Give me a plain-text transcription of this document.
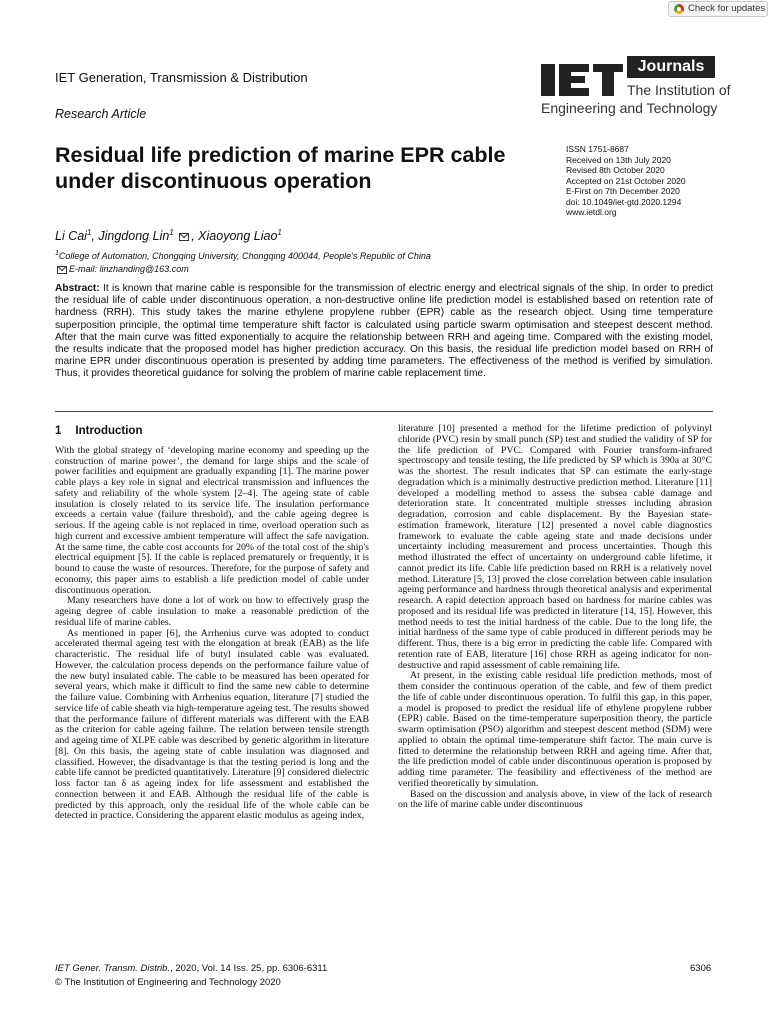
Check for updates
IET Generation, Transmission & Distribution
Research Article
Journals
The Institution of
Engineering and Technology
Residual life prediction of marine EPR cable under discontinuous operation
ISSN 1751-8687
Received on 13th July 2020
Revised 8th October 2020
Accepted on 21st October 2020
E-First on 7th December 2020
doi: 10.1049/iet-gtd.2020.1294
www.ietdl.org
Li Cai$^1$, Jingdong Lin$^1$ , Xiaoyong Liao$^1$
$^1$College of Automation, Chongqing University, Chongqing 400044, People's Republic of China
E-mail: linzhanding@163.com
Abstract: It is known that marine cable is responsible for the transmission of electric energy and electrical signals of the ship. In order to predict the residual life of cable under discontinuous operation, a non-destructive online life prediction model is established based on retention rate of hardness (RRH). This study takes the marine ethylene propylene rubber (EPR) cable as the research object. Using time temperature superposition principle, the optimal time temperature shift factor is calculated using particle swarm optimisation and steepest descent method. After that the main curve was fitted exponentially to acquire the relationship between RRH and ageing time. Compared with the existing model, the results indicate that the proposed model has higher prediction accuracy. On this basis, the residual life prediction model based on RRH of marine EPR under discontinuous operation is presented by adding time parameters. The effectiveness of the method is verified by simulation. Thus, it provides theoretical guidance for solving the problem of marine cable replacement time.
1 Introduction

With the global strategy of ‘developing marine economy and speeding up the construction of marine power’, the demand for large ships and the scale of power facilities and equipment are gradually expanding [1]. The marine power cable plays a key role in signal and electrical transmission and influences the safety and reliability of the whole system [2–4]. The ageing state of cable insulation is closely related to its service life. The insulation performance exceeds a certain value (failure threshold), and the cable ageing degree is serious. If the ageing cable is not replaced in time, overload operation such as high current and excessive ambient temperature will affect the safe navigation. At the same time, the cable cost accounts for 20% of the total cost of the ship's electrical equipment [5]. If the cable is replaced prematurely or frequently, it is bound to cause the waste of resources. Therefore, for the purpose of safety and economy, this paper aims to establish a life prediction model of cable under discontinuous operation.

Many researchers have done a lot of work on how to effectively grasp the ageing degree of cable insulation to make a reasonable prediction of the residual life of marine cables.

As mentioned in paper [6], the Arrhenius curve was adopted to conduct accelerated thermal ageing test with the elongation at break (EAB) as the life characteristic. The residual life of butyl insulated cable was evaluated. However, the calculation process depends on the performance failure value of the new butyl insulated cable. The cable to be measured has been operated for several years, which make it difficult to find the same new cable to determine the failure value. Combining with Arrhenius equation, literature [7] studied the service life of cable sheath via high-temperature ageing test. The results showed that the performance failure of different materials was different with the EAB as the criterion for cable ageing failure. The relation between tensile strength and ageing time of XLPE cable was described by genetic algorithm in literature [8]. On this basis, the ageing state of cable insulation was diagnosed and classified. However, the disadvantage is that the testing period is long and the cable life cannot be predicted quantitatively. Literature [9] considered dielectric loss factor tan δ as ageing index for life assessment and established the connection between it and EAB. Although the residual life of the cable is predicted by this approach, only the residual life of the whole cable can be detected in practice. Considering the apparent elastic modulus as ageing index,

literature [10] presented a method for the lifetime prediction of polyvinyl chloride (PVC) resin by small punch (SP) test and studied the validity of SP for the life prediction of PVC. Compared with Fourier transform-infrared spectroscopy and tensile testing, the life predicted by SP which is 390a at 30°C was the shortest. The result indicates that SP can estimate the early-stage degradation which is a minimally destructive prediction method. Literature [11] developed a modelling method to assess the subsea cable damage and deterioration state. It concentrated multiple stresses including abrasion degradation, corrosion and cable displacement. By the Bayesian state-estimation framework, literature [12] presented a novel cable diagnostics framework to evaluate the cable ageing state and made decisions under uncertainty including measurement and process uncertainties. Though this method illustrated the effect of uncertainty on underground cable lifetime, it cannot predict its life. Cable life prediction based on RRH is a relatively novel method. Literature [5, 13] proved the close correlation between cable insulation ageing performance and hardness through theoretical analysis and experimental research. A rapid detection approach based on hardness for marine cables was proposed and its residual life was predicted in literature [14, 15]. However, this method needs to test the initial hardness of the cable. Due to the long life, the initial hardness of the same type of cable produced in different periods may be different. Thus, there is a big error in predicting the cable life. Compared with retention rate of EAB, literature [16] chose RRH as ageing indicator for non-destructive and rapid assessment of cable remaining life.

At present, in the existing cable residual life prediction methods, most of them consider the continuous operation of the cable, and few of them predict the life of cable under discontinuous operation. To fulfil this gap, in this paper, a model is proposed to predict the residual life of ethylene propylene rubber (EPR) cable. Based on the time-temperature superposition theory, the particle swarm optimisation (PSO) algorithm and steepest descent method (SDM) were applied to obtain the optimal time-temperature shift factor. The main curve is fitted to determine the relationship between RRH and ageing time. After that, the life prediction model of cable under discontinuous operation is proposed by adding time parameter. The feasibility and effectiveness of the method are verified theoretically by simulation.

Based on the discussion and analysis above, in view of the lack of research on the life of marine cable under discontinuous

IET Gener. Transm. Distrib., 2020, Vol. 14 Iss. 25, pp. 6306-6311
© The Institution of Engineering and Technology 2020
6306
